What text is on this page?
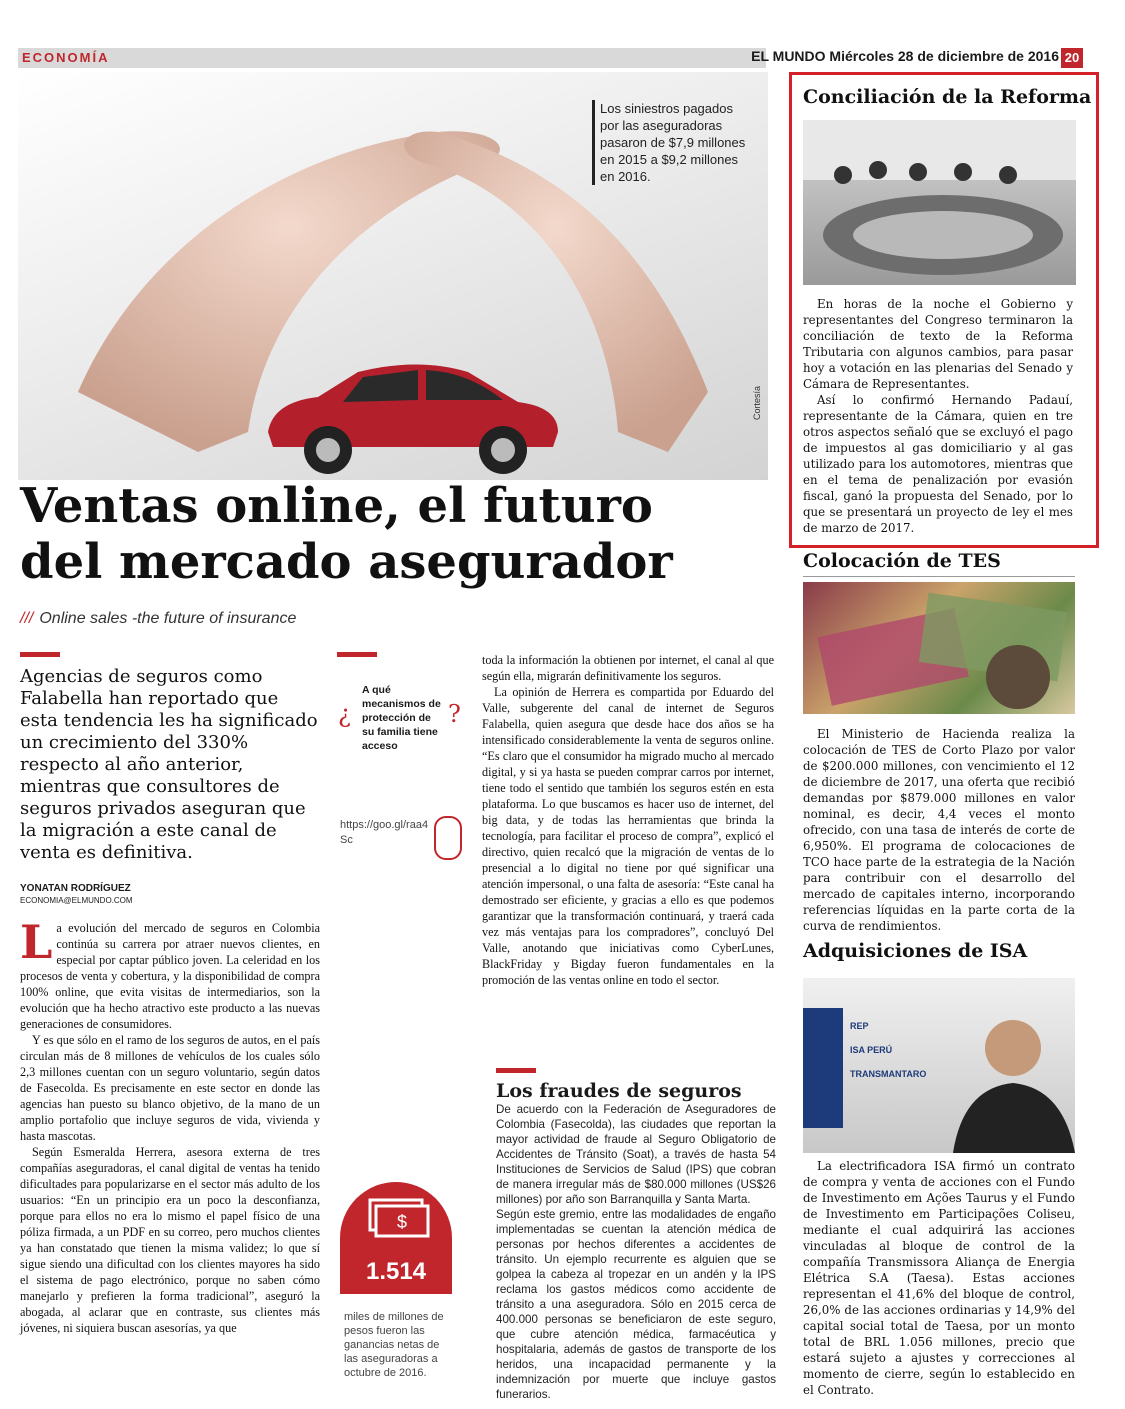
ECONOMÍA	EL MUNDO Miércoles 28 de diciembre de 2016 20
Los siniestros pagados por las aseguradoras pasaron de $7,9 millones en 2015 a $9,2 millones en 2016.
Cortesía
Ventas online, el futuro
del mercado asegurador
/// Online sales -the future of insurance
Agencias de seguros como Falabella han reportado que esta tendencia les ha significado un crecimiento del 330% respecto al año anterior, mientras que consultores de seguros privados aseguran que la migración a este canal de venta es definitiva.
YONATAN RODRÍGUEZ
ECONOMIA@ELMUNDO.COM
L a evolución del mercado de seguros en Colombia continúa su carrera por atraer nuevos clientes, en especial por captar público joven. La celeridad en los procesos de venta y cobertura, y la disponibilidad de compra 100% online, que evita visitas de intermediarios, son la evolución que ha hecho atractivo este producto a las nuevas generaciones de consumidores.

Y es que sólo en el ramo de los seguros de autos, en el país circulan más de 8 millones de vehículos de los cuales sólo 2,3 millones cuentan con un seguro voluntario, según datos de Fasecolda. Es precisamente en este sector en donde las agencias han puesto su blanco objetivo, de la mano de un amplio portafolio que incluye seguros de vida, vivienda y hasta mascotas.

Según Esmeralda Herrera, asesora externa de tres compañías aseguradoras, el canal digital de ventas ha tenido dificultades para popularizarse en el sector más adulto de los usuarios: “En un principio era un poco la desconfianza, porque para ellos no era lo mismo el papel físico de una póliza firmada, a un PDF en su correo, pero muchos clientes ya han constatado que tienen la misma validez; lo que sí sigue siendo una dificultad con los clientes mayores ha sido el sistema de pago electrónico, porque no saben cómo manejarlo y prefieren la forma tradicional”, aseguró la abogada, al aclarar que en contraste, sus clientes más jóvenes, ni siquiera buscan asesorías, ya que

¿
A qué mecanismos de protección de su familia tiene acceso
?
https://goo.gl/raa4Sc

toda la información la obtienen por internet, el canal al que según ella, migrarán definitivamente los seguros.

La opinión de Herrera es compartida por Eduardo del Valle, subgerente del canal de internet de Seguros Falabella, quien asegura que desde hace dos años se ha intensificado considerablemente la venta de seguros online. “Es claro que el consumidor ha migrado mucho al mercado digital, y si ya hasta se pueden comprar carros por internet, tiene todo el sentido que también los seguros estén en esta plataforma. Lo que buscamos es hacer uso de internet, del big data, y de todas las herramientas que brinda la tecnología, para facilitar el proceso de compra”, explicó el directivo, quien recalcó que la migración de ventas de lo presencial a lo digital no tiene por qué significar una atención impersonal, o una falta de asesoría: “Este canal ha demostrado ser eficiente, y gracias a ello es que podemos garantizar que la transformación continuará, y traerá cada vez más ventajas para los compradores”, concluyó Del Valle, anotando que iniciativas como CyberLunes, BlackFriday y Bigday fueron fundamentales en la promoción de las ventas online en todo el sector.

Los fraudes de seguros
De acuerdo con la Federación de Aseguradores de Colombia (Fasecolda), las ciudades que reportan la mayor actividad de fraude al Seguro Obligatorio de Accidentes de Tránsito (Soat), a través de hasta 54 Instituciones de Servicios de Salud (IPS) que cobran de manera irregular más de $80.000 millones (US$26 millones) por año son Barranquilla y Santa Marta.
Según este gremio, entre las modalidades de engaño implementadas se cuentan la atención médica de personas por hechos diferentes a accidentes de tránsito. Un ejemplo recurrente es alguien que se golpea la cabeza al tropezar en un andén y la IPS reclama los gastos médicos como accidente de tránsito a una aseguradora. Sólo en 2015 cerca de 400.000 personas se beneficiaron de este seguro, que cubre atención médica, farmacéutica y hospitalaria, además de gastos de transporte de los heridos, una incapacidad permanente y la indemnización por muerte que incluye gastos funerarios.
$
1.514
miles de millones de pesos fueron las ganancias netas de las aseguradoras a octubre de 2016.
Conciliación de la Reforma

En horas de la noche el Gobierno y representantes del Congreso terminaron la conciliación de texto de la Reforma Tributaria con algunos cambios, para pasar hoy a votación en las plenarias del Senado y Cámara de Representantes.

Así lo confirmó Hernando Padauí, representante de la Cámara, quien en tre otros aspectos señaló que se excluyó el pago de impuestos al gas domiciliario y al gas utilizado para los automotores, mientras que en el tema de penalización por evasión fiscal, ganó la propuesta del Senado, por lo que se presentará un proyecto de ley el mes de marzo de 2017.

Colocación de TES

El Ministerio de Hacienda realiza la colocación de TES de Corto Plazo por valor de $200.000 millones, con vencimiento el 12 de diciembre de 2017, una oferta que recibió demandas por $879.000 millones en valor nominal, es decir, 4,4 veces el monto ofrecido, con una tasa de interés de corte de 6,950%. El programa de colocaciones de TCO hace parte de la estrategia de la Nación para contribuir con el desarrollo del mercado de capitales interno, incorporando referencias líquidas en la parte corta de la curva de rendimientos.

Adquisiciones de ISA
REP
ISA PERÚ
TRANSMANTARO

La electrificadora ISA firmó un contrato de compra y venta de acciones con el Fundo de Investimento em Ações Taurus y el Fundo de Investimento em Participações Coliseu, mediante el cual adquirirá las acciones vinculadas al bloque de control de la compañía Transmissora Aliança de Energia Elétrica S.A (Taesa). Estas acciones representan el 41,6% del bloque de control, 26,0% de las acciones ordinarias y 14,9% del capital social total de Taesa, por un monto total de BRL 1.056 millones, precio que estará sujeto a ajustes y correcciones al momento de cierre, según lo establecido en el Contrato.
